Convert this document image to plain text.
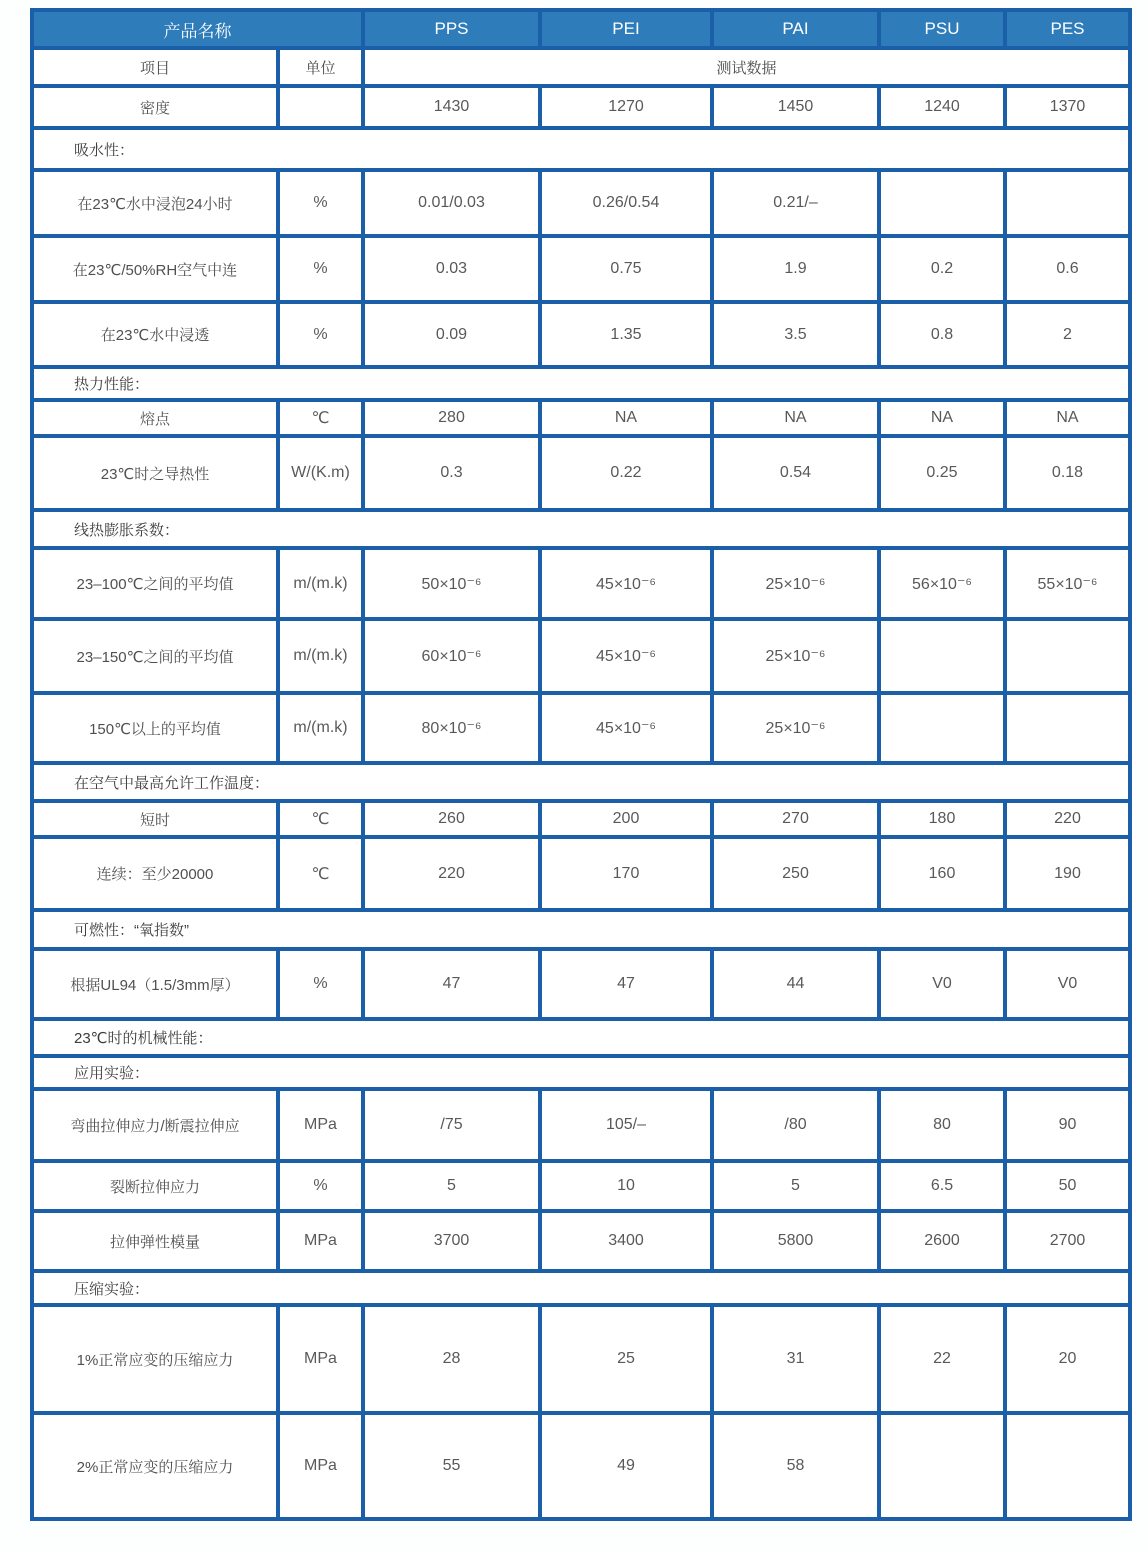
产品名称		PPS	PEI	PAI	PSU	PES
项目	单位	测试数据				
密度		1430	1270	1450	1240	1370
吸水性：						
在23℃水中浸泡24小时	%	0.01/0.03	0.26/0.54	0.21/–		
在23℃/50%RH空气中连	%	0.03	0.75	1.9	0.2	0.6
在23℃水中浸透	%	0.09	1.35	3.5	0.8	2
热力性能：						
熔点	℃	280	NA	NA	NA	NA
23℃时之导热性	W/(K.m)	0.3	0.22	0.54	0.25	0.18
线热膨胀系数：						
23–100℃之间的平均值	m/(m.k)	50×10⁻⁶	45×10⁻⁶	25×10⁻⁶	56×10⁻⁶	55×10⁻⁶
23–150℃之间的平均值	m/(m.k)	60×10⁻⁶	45×10⁻⁶	25×10⁻⁶		
150℃以上的平均值	m/(m.k)	80×10⁻⁶	45×10⁻⁶	25×10⁻⁶		
在空气中最高允许工作温度：						
短时	℃	260	200	270	180	220
连续：至少20000	℃	220	170	250	160	190
可燃性：“氧指数”						
根据UL94（1.5/3mm厚）	%	47	47	44	V0	V0
23℃时的机械性能：						
应用实验：						
弯曲拉伸应力/断震拉伸应	MPa	/75	105/–	/80	80	90
裂断拉伸应力	%	5	10	5	6.5	50
拉伸弹性模量	MPa	3700	3400	5800	2600	2700
压缩实验：						
1%正常应变的压缩应力	MPa	28	25	31	22	20
2%正常应变的压缩应力	MPa	55	49	58		
